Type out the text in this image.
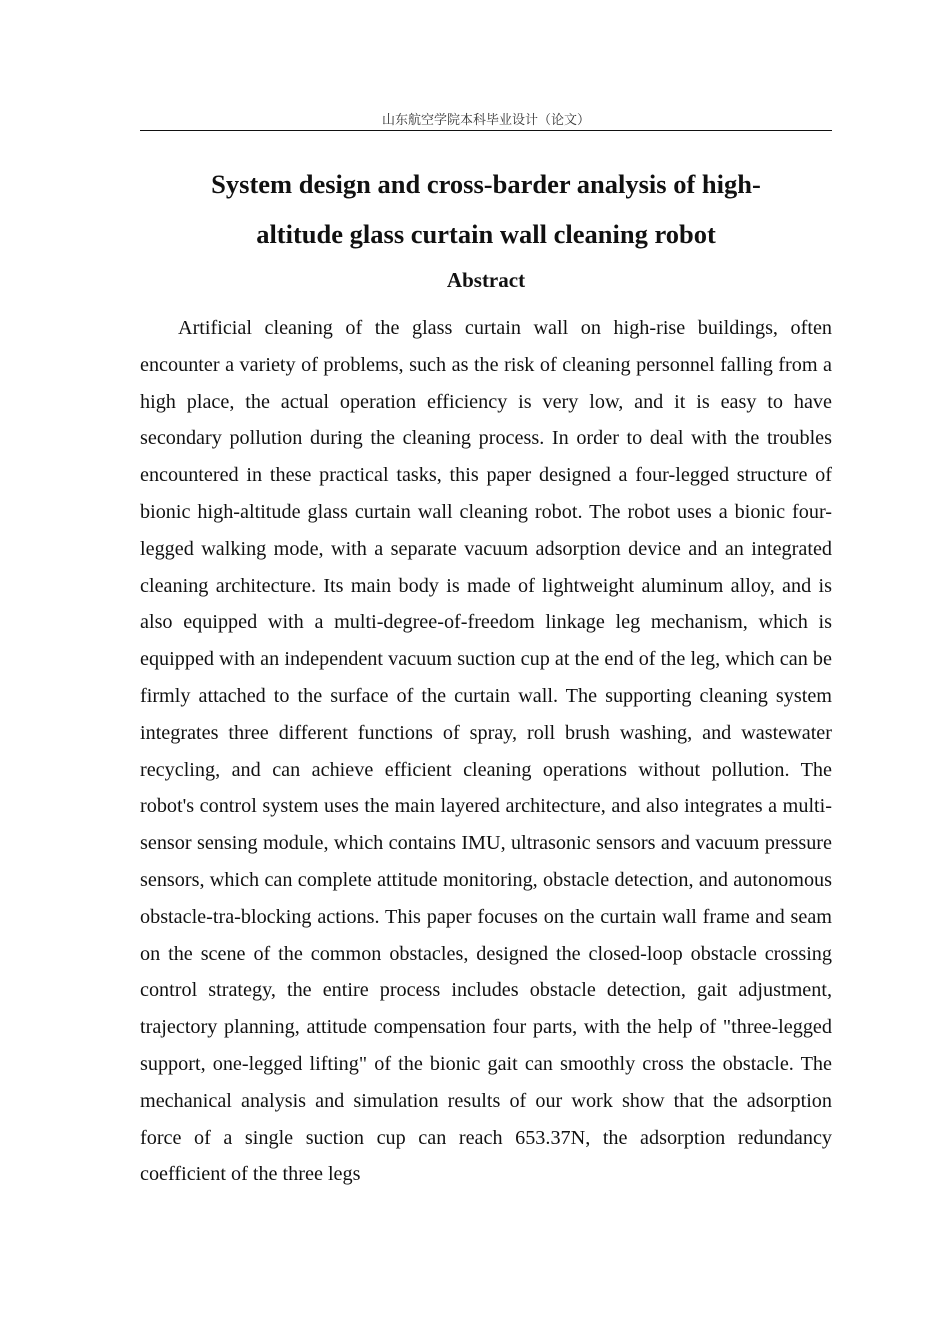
山东航空学院本科毕业设计（论文）
System design and cross-barder analysis of high-
altitude glass curtain wall cleaning robot
Abstract

Artificial cleaning of the glass curtain wall on high-rise buildings, often encounter a variety of problems, such as the risk of cleaning personnel falling from a high place, the actual operation efficiency is very low, and it is easy to have secondary pollution during the cleaning process. In order to deal with the troubles encountered in these practical tasks, this paper designed a four-legged structure of bionic high-altitude glass curtain wall cleaning robot. The robot uses a bionic four-legged walking mode, with a separate vacuum adsorption device and an integrated cleaning architecture. Its main body is made of lightweight aluminum alloy, and is also equipped with a multi-degree-of-freedom linkage leg mechanism, which is equipped with an independent vacuum suction cup at the end of the leg, which can be firmly attached to the surface of the curtain wall. The supporting cleaning system integrates three different functions of spray, roll brush washing, and wastewater recycling, and can achieve efficient cleaning operations without pollution. The robot's control system uses the main layered architecture, and also integrates a multi-sensor sensing module, which contains IMU, ultrasonic sensors and vacuum pressure sensors, which can complete attitude monitoring, obstacle detection, and autonomous obstacle-tra-blocking actions. This paper focuses on the curtain wall frame and seam on the scene of the common obstacles, designed the closed-loop obstacle crossing control strategy, the entire process includes obstacle detection, gait adjustment, trajectory planning, attitude compensation four parts, with the help of "three-legged support, one-legged lifting" of the bionic gait can smoothly cross the obstacle. The mechanical analysis and simulation results of our work show that the adsorption force of a single suction cup can reach 653.37N, the adsorption redundancy coefficient of the three legs
